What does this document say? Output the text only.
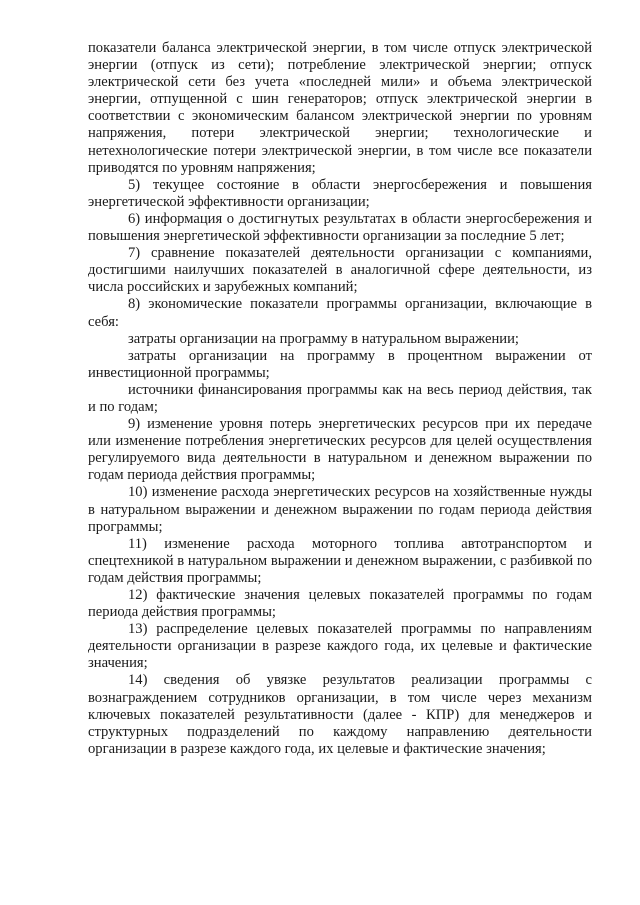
показатели баланса электрической энергии, в том числе отпуск электрической энергии (отпуск из сети); потребление электрической энергии; отпуск электрической сети без учета «последней мили» и объема электрической энергии, отпущенной с шин генераторов; отпуск электрической энергии в соответствии с экономическим балансом электрической энергии по уровням напряжения, потери электрической энергии; технологические и нетехнологические потери электрической энергии, в том числе все показатели приводятся по уровням напряжения;

5) текущее состояние в области энергосбережения и повышения энергетической эффективности организации;

6) информация о достигнутых результатах в области энергосбережения и повышения энергетической эффективности организации за последние 5 лет;

7) сравнение показателей деятельности организации с компаниями, достигшими наилучших показателей в аналогичной сфере деятельности, из числа российских и зарубежных компаний;

8) экономические показатели программы организации, включающие в себя:

затраты организации на программу в натуральном выражении;

затраты организации на программу в процентном выражении от инвестиционной программы;

источники финансирования программы как на весь период действия, так и по годам;

9) изменение уровня потерь энергетических ресурсов при их передаче или изменение потребления энергетических ресурсов для целей осуществления регулируемого вида деятельности в натуральном и денежном выражении по годам периода действия программы;

10) изменение расхода энергетических ресурсов на хозяйственные нужды в натуральном выражении и денежном выражении по годам периода действия программы;

11) изменение расхода моторного топлива автотранспортом и спецтехникой в натуральном выражении и денежном выражении, с разбивкой по годам действия программы;

12) фактические значения целевых показателей программы по годам периода действия программы;

13) распределение целевых показателей программы по направлениям деятельности организации в разрезе каждого года, их целевые и фактические значения;

14) сведения об увязке результатов реализации программы с вознаграждением сотрудников организации, в том числе через механизм ключевых показателей результативности (далее - КПР) для менеджеров и структурных подразделений по каждому направлению деятельности организации в разрезе каждого года, их целевые и фактические значения;
